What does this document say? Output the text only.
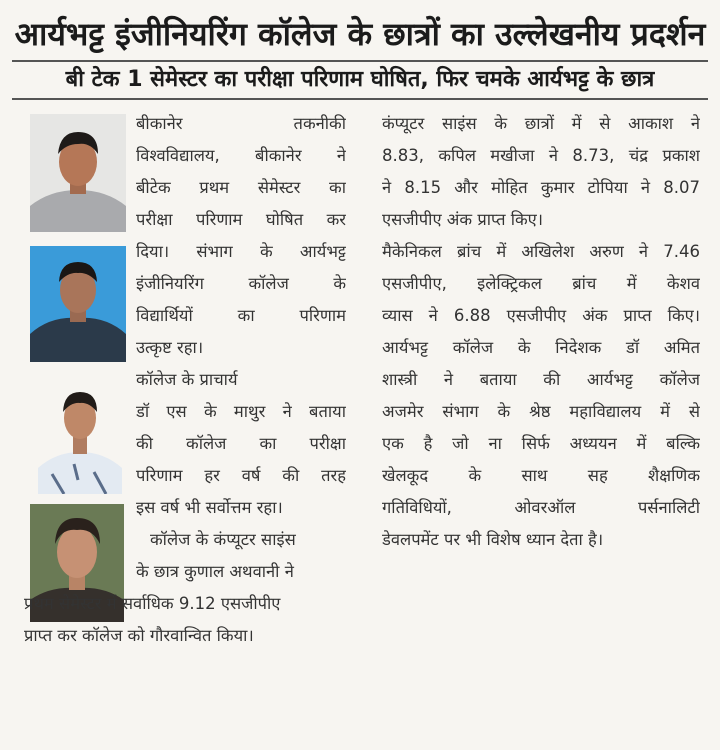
आर्यभट्ट इंजीनियरिंग कॉलेज के छात्रों का उल्लेखनीय प्रदर्शन
बी टेक 1 सेमेस्टर का परीक्षा परिणाम घोषित, फिर चमके आर्यभट्ट के छात्र
बीकानेर तकनीकी
विश्वविद्यालय, बीकानेर ने
बीटेक प्रथम सेमेस्टर का
परीक्षा परिणाम घोषित कर
दिया। संभाग के आर्यभट्ट
इंजीनियरिंग कॉलेज के
विद्यार्थियों का परिणाम
उत्कृष्ट रहा।
कॉलेज के प्राचार्य
डॉ एस के माथुर ने बताया
की कॉलेज का परीक्षा
परिणाम हर वर्ष की तरह
इस वर्ष भी सर्वोत्तम रहा।
कॉलेज के कंप्यूटर साइंस
के छात्र कुणाल अथवानी ने
प्रथम सेमेस्टर में सर्वाधिक 9.12 एसजीपीए
प्राप्त कर कॉलेज को गौरवान्वित किया।
कंप्यूटर साइंस के छात्रों में से आकाश ने
8.83, कपिल मखीजा ने 8.73, चंद्र प्रकाश
ने 8.15 और मोहित कुमार टोपिया ने 8.07
एसजीपीए अंक प्राप्त किए।
मैकेनिकल ब्रांच में अखिलेश अरुण ने 7.46
एसजीपीए, इलेक्ट्रिकल ब्रांच में केशव
व्यास ने 6.88 एसजीपीए अंक प्राप्त किए।
आर्यभट्ट कॉलेज के निदेशक डॉ अमित
शास्त्री ने बताया की आर्यभट्ट कॉलेज
अजमेर संभाग के श्रेष्ठ महाविद्यालय में से
एक है जो ना सिर्फ अध्ययन में बल्कि
खेलकूद के साथ सह शैक्षणिक
गतिविधियों, ओवरऑल पर्सनालिटी
डेवलपमेंट पर भी विशेष ध्यान देता है।
